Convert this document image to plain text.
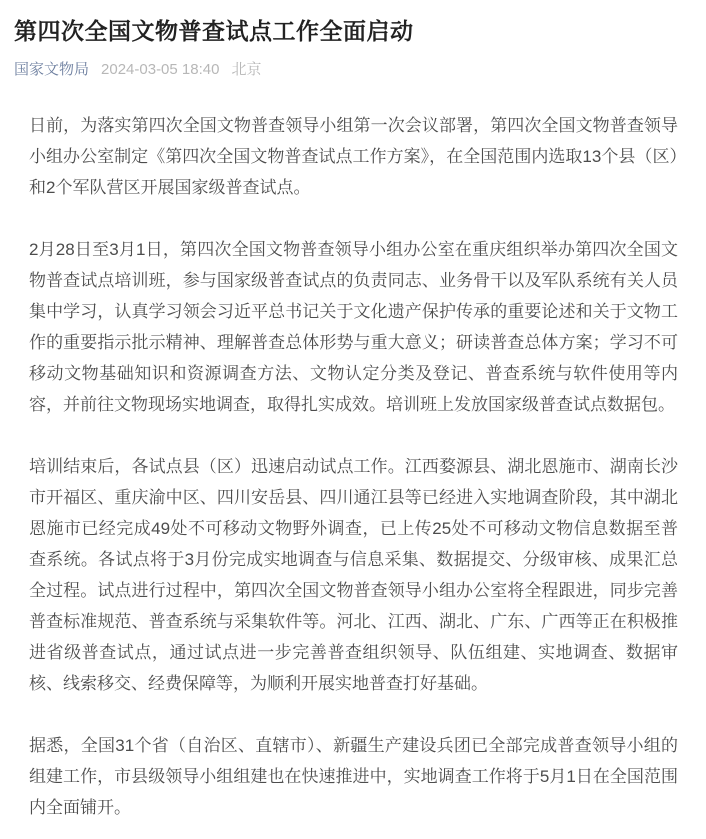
第四次全国文物普查试点工作全面启动
国家文物局 2024-03-05 18:40 北京

日前，为落实第四次全国文物普查领导小组第一次会议部署，第四次全国文物普查领导小组办公室制定《第四次全国文物普查试点工作方案》，在全国范围内选取13个县（区）和2个军队营区开展国家级普查试点。

2月28日至3月1日，第四次全国文物普查领导小组办公室在重庆组织举办第四次全国文物普查试点培训班，参与国家级普查试点的负责同志、业务骨干以及军队系统有关人员集中学习，认真学习领会习近平总书记关于文化遗产保护传承的重要论述和关于文物工作的重要指示批示精神、理解普查总体形势与重大意义；研读普查总体方案；学习不可移动文物基础知识和资源调查方法、文物认定分类及登记、普查系统与软件使用等内容，并前往文物现场实地调查，取得扎实成效。培训班上发放国家级普查试点数据包。

培训结束后，各试点县（区）迅速启动试点工作。江西婺源县、湖北恩施市、湖南长沙市开福区、重庆渝中区、四川安岳县、四川通江县等已经进入实地调查阶段，其中湖北恩施市已经完成49处不可移动文物野外调查，已上传25处不可移动文物信息数据至普查系统。各试点将于3月份完成实地调查与信息采集、数据提交、分级审核、成果汇总全过程。试点进行过程中，第四次全国文物普查领导小组办公室将全程跟进，同步完善普查标准规范、普查系统与采集软件等。河北、江西、湖北、广东、广西等正在积极推进省级普查试点，通过试点进一步完善普查组织领导、队伍组建、实地调查、数据审核、线索移交、经费保障等，为顺利开展实地普查打好基础。

据悉，全国31个省（自治区、直辖市）、新疆生产建设兵团已全部完成普查领导小组的组建工作，市县级领导小组组建也在快速推进中，实地调查工作将于5月1日在全国范围内全面铺开。
